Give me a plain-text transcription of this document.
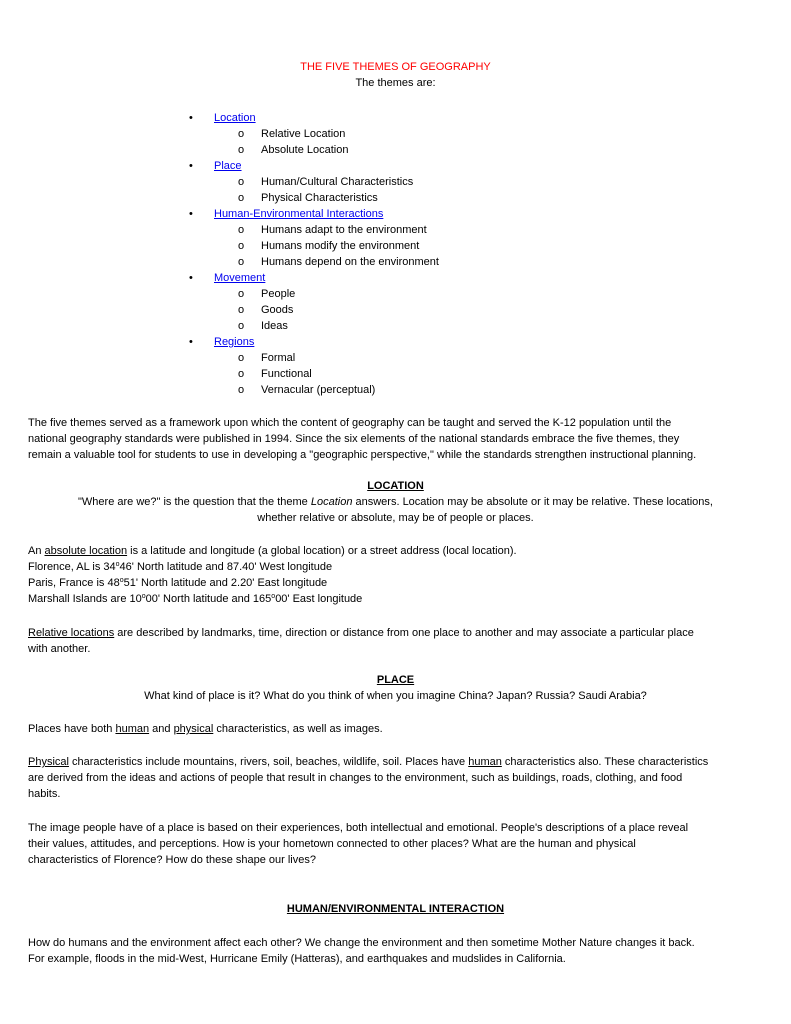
THE FIVE THEMES OF GEOGRAPHY
The themes are:
• Location
o Relative Location
o Absolute Location
• Place
o Human/Cultural Characteristics
o Physical Characteristics
• Human-Environmental Interactions
o Humans adapt to the environment
o Humans modify the environment
o Humans depend on the environment
• Movement
o People
o Goods
o Ideas
• Regions
o Formal
o Functional
o Vernacular (perceptual)
The five themes served as a framework upon which the content of geography can be taught and served the K-12 population until the
national geography standards were published in 1994. Since the six elements of the national standards embrace the five themes, they
remain a valuable tool for students to use in developing a "geographic perspective," while the standards strengthen instructional planning.
LOCATION
"Where are we?" is the question that the theme Location answers. Location may be absolute or it may be relative. These locations,
whether relative or absolute, may be of people or places.
An absolute location is a latitude and longitude (a global location) or a street address (local location).
Florence, AL is 34$^o$46' North latitude and 87.40' West longitude
Paris, France is 48$^o$51' North latitude and 2.20' East longitude
Marshall Islands are 10$^o$00' North latitude and 165$^o$00' East longitude
Relative locations are described by landmarks, time, direction or distance from one place to another and may associate a particular place
with another.
PLACE
What kind of place is it? What do you think of when you imagine China? Japan? Russia? Saudi Arabia?
Places have both human and physical characteristics, as well as images.
Physical characteristics include mountains, rivers, soil, beaches, wildlife, soil. Places have human characteristics also. These characteristics
are derived from the ideas and actions of people that result in changes to the environment, such as buildings, roads, clothing, and food
habits.
The image people have of a place is based on their experiences, both intellectual and emotional. People's descriptions of a place reveal
their values, attitudes, and perceptions. How is your hometown connected to other places? What are the human and physical
characteristics of Florence? How do these shape our lives?
HUMAN/ENVIRONMENTAL INTERACTION
How do humans and the environment affect each other? We change the environment and then sometime Mother Nature changes it back.
For example, floods in the mid-West, Hurricane Emily (Hatteras), and earthquakes and mudslides in California.
